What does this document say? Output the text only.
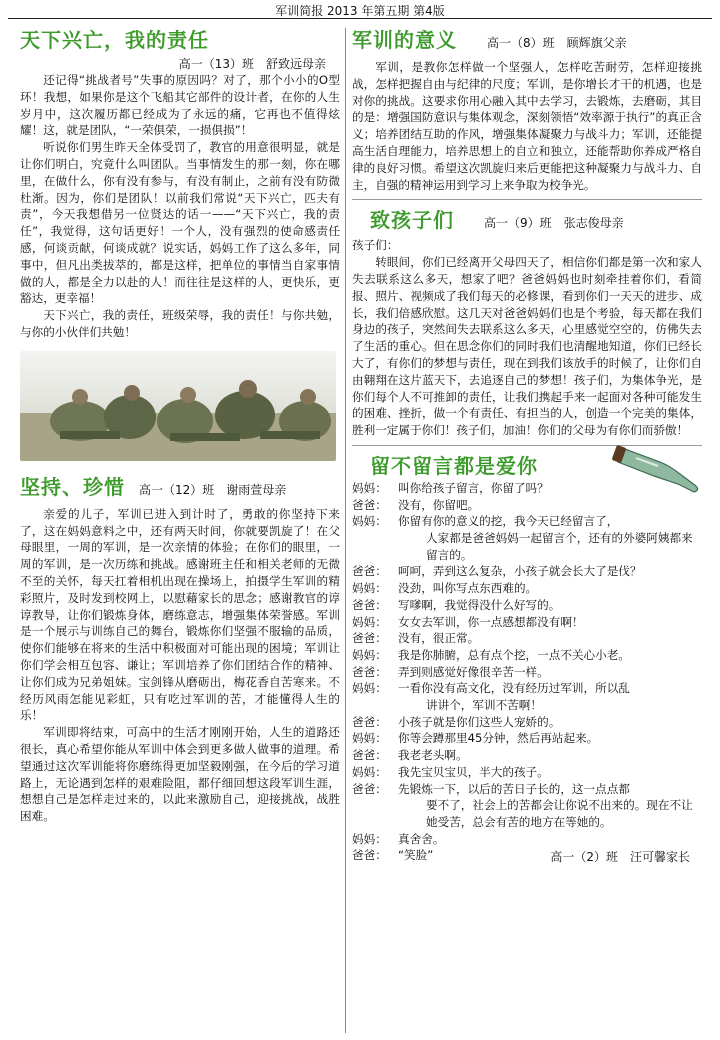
军训简报 2013 年第五期 第4版
天下兴亡，我的责任
高一（13）班　舒致远母亲

还记得“挑战者号”失事的原因吗？对了，那个小小的O型环！我想，如果你是这个飞船其它部件的设计者，在你的人生岁月中，这次履历都已经成为了永远的痛，它再也不值得炫耀！这，就是团队，“一荣俱荣，一损俱损”！

听说你们男生昨天全体受罚了，教官的用意很明显，就是让你们明白，究竟什么叫团队。当事情发生的那一刻，你在哪里，在做什么，你有没有参与，有没有制止，之前有没有防微杜渐。因为，你们是团队！以前我们常说“天下兴亡，匹夫有责”，今天我想借另一位贤达的话一——“天下兴亡，我的责任”，我觉得，这句话更好！一个人，没有强烈的使命感责任感，何谈贡献，何谈成就？说实话，妈妈工作了这么多年，同事中，但凡出类拔萃的，都是这样，把单位的事情当自家事情做的人，都是全力以赴的人！而往往是这样的人，更快乐，更豁达，更幸福！

天下兴亡，我的责任，班级荣辱，我的责任！与你共勉，与你的小伙伴们共勉！

坚持、珍惜 高一（12）班　谢雨萱母亲

亲爱的儿子，军训已进入到计时了，勇敢的你坚持下来了，这在妈妈意料之中，还有两天时间，你就要凯旋了！在父母眼里，一周的军训，是一次亲情的体验；在你们的眼里，一周的军训，是一次历练和挑战。感谢班主任和相关老师的无微不至的关怀，每天扛着相机出现在操场上，拍摄学生军训的精彩照片，及时发到校网上，以慰藉家长的思念；感谢教官的谆谆教导，让你们锻炼身体，磨练意志，增强集体荣誉感。军训是一个展示与训练自己的舞台，锻炼你们坚强不服输的品质，使你们能够在将来的生活中积极面对可能出现的困境；军训让你们学会相互包容、谦让；军训培养了你们团结合作的精神、让你们成为兄弟姐妹。宝剑锋从磨砺出，梅花香自苦寒来。不经历风雨怎能见彩虹，只有吃过军训的苦，才能懂得人生的乐！

军训即将结束，可高中的生活才刚刚开始，人生的道路还很长，真心希望你能从军训中体会到更多做人做事的道理。希望通过这次军训能将你磨练得更加坚毅刚强，在今后的学习道路上，无论遇到怎样的艰难险阻，都仔细回想这段军训生涯，想想自己是怎样走过来的，以此来激励自己，迎接挑战，战胜困难。

军训的意义	高一（8）班　顾辉旗父亲

军训，是教你怎样做一个坚强人，怎样吃苦耐劳，怎样迎接挑战，怎样把握自由与纪律的尺度；军训，是你增长才干的机遇，也是对你的挑战。这要求你用心融入其中去学习，去锻炼，去磨砺，其目的是：增强国防意识与集体观念，深刻领悟“效率源于执行”的真正含义；培养团结互助的作风，增强集体凝聚力与战斗力；军训，还能提高生活自理能力，培养思想上的自立和独立，还能帮助你养成严格自律的良好习惯。希望这次凯旋归来后更能把这种凝聚力与战斗力、自主，自强的精神运用到学习上来争取为校争光。

致孩子们	高一（9）班　张志俊母亲

孩子们：

转眼间，你们已经离开父母四天了，相信你们都是第一次和家人失去联系这么多天，想家了吧？爸爸妈妈也时刻牵挂着你们，看简报、照片、视频成了我们每天的必修课，看到你们一天天的进步、成长，我们倍感欣慰。这几天对爸爸妈妈们也是个考验，每天都在我们身边的孩子，突然间失去联系这么多天，心里感觉空空的，仿佛失去了生活的重心。但在思念你们的同时我们也清醒地知道，你们已经长大了，有你们的梦想与责任，现在到我们该放手的时候了，让你们自由翱翔在这片蓝天下，去追逐自己的梦想！孩子们，为集体争光，是你们每个人不可推卸的责任，让我们携起手来一起面对各种可能发生的困难、挫折，做一个有责任、有担当的人，创造一个完美的集体，胜利一定属于你们！孩子们，加油！你们的父母为有你们而骄傲！

留不留言都是爱你
妈妈： 叫你给孩子留言，你留了吗？
爸爸： 没有，你留吧。
妈妈： 你留有你的意义的挖，我今天已经留言了，
人家都是爸爸妈妈一起留言个，还有的外婆阿姨都来留言的。
爸爸： 呵呵，弄到这么复杂，小孩子就会长大了是伐？
妈妈： 没劲，叫你写点东西难的。
爸爸： 写嗲啊，我觉得没什么好写的。
妈妈： 女女去军训，你一点感想都没有啊！
爸爸： 没有，很正常。
妈妈： 我是你肺腑，总有点个挖，一点不关心小老。
爸爸： 弄到则感觉好像很辛苦一样。
妈妈： 一看你没有高文化，没有经历过军训，所以乱
讲讲个，军训不苦啊！
爸爸： 小孩子就是你们这些人宠娇的。
妈妈： 你等会蹲那里45分钟，然后再站起来。
爸爸： 我老老头啊。
妈妈： 我先宝贝宝贝，半大的孩子。
爸爸： 先锻炼一下，以后的苦日子长的，这一点点都
要不了，社会上的苦都会让你说不出来的。现在不让她受苦，总会有苦的地方在等她的。
妈妈： 真舍舍。
爸爸： “笑脸”	高一（2）班　汪可馨家长
